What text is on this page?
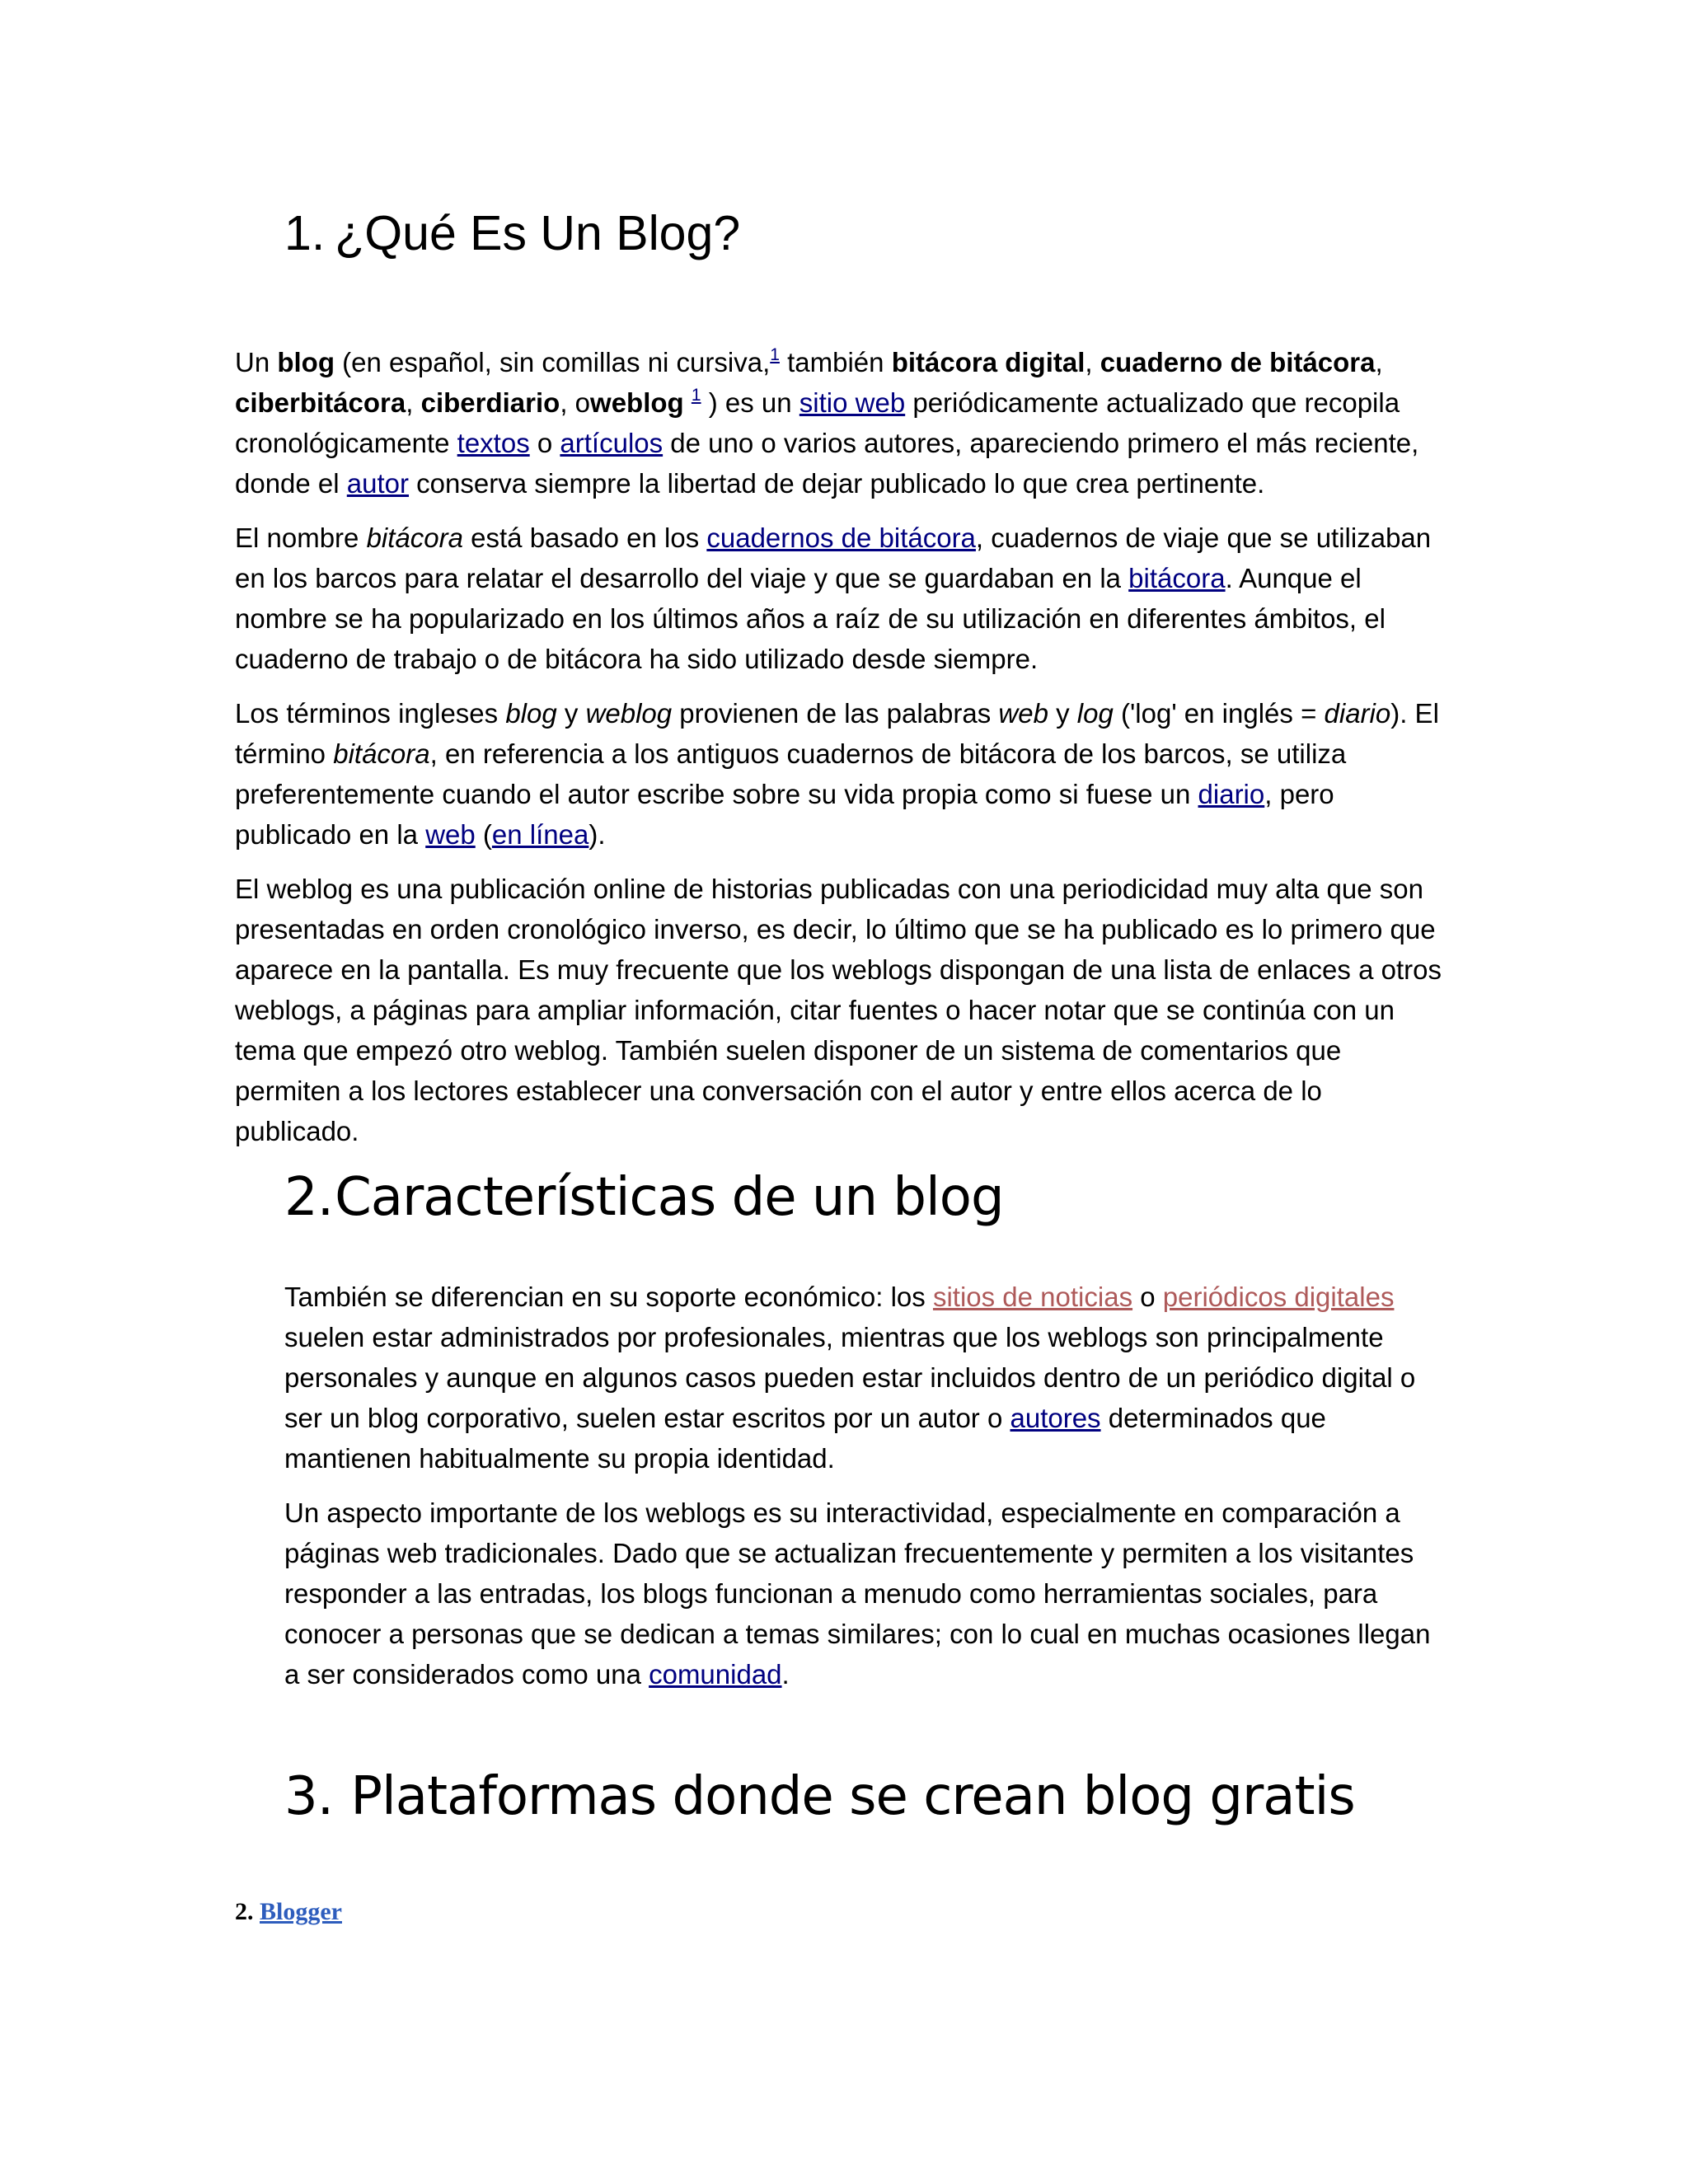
1. ¿Qué Es Un Blog?

Un blog (en español, sin comillas ni cursiva,$^1$ también bitácora digital, cuaderno de bitácora, ciberbitácora, ciberdiario, oweblog $^1$ ) es un sitio web periódicamente actualizado que recopila cronológicamente textos o artículos de uno o varios autores, apareciendo primero el más reciente, donde el autor conserva siempre la libertad de dejar publicado lo que crea pertinente.

El nombre bitácora está basado en los cuadernos de bitácora, cuadernos de viaje que se utilizaban en los barcos para relatar el desarrollo del viaje y que se guardaban en la bitácora. Aunque el nombre se ha popularizado en los últimos años a raíz de su utilización en diferentes ámbitos, el cuaderno de trabajo o de bitácora ha sido utilizado desde siempre.

Los términos ingleses blog y weblog provienen de las palabras web y log ('log' en inglés = diario). El término bitácora, en referencia a los antiguos cuadernos de bitácora de los barcos, se utiliza preferentemente cuando el autor escribe sobre su vida propia como si fuese un diario, pero publicado en la web (en línea).

El weblog es una publicación online de historias publicadas con una periodicidad muy alta que son presentadas en orden cronológico inverso, es decir, lo último que se ha publicado es lo primero que aparece en la pantalla. Es muy frecuente que los weblogs dispongan de una lista de enlaces a otros weblogs, a páginas para ampliar información, citar fuentes o hacer notar que se continúa con un tema que empezó otro weblog. También suelen disponer de un sistema de comentarios que permiten a los lectores establecer una conversación con el autor y entre ellos acerca de lo publicado.

2.Características de un blog

También se diferencian en su soporte económico: los sitios de noticias o periódicos digitales suelen estar administrados por profesionales, mientras que los weblogs son principalmente personales y aunque en algunos casos pueden estar incluidos dentro de un periódico digital o ser un blog corporativo, suelen estar escritos por un autor o autores determinados que mantienen habitualmente su propia identidad.

Un aspecto importante de los weblogs es su interactividad, especialmente en comparación a páginas web tradicionales. Dado que se actualizan frecuentemente y permiten a los visitantes responder a las entradas, los blogs funcionan a menudo como herramientas sociales, para conocer a personas que se dedican a temas similares; con lo cual en muchas ocasiones llegan a ser considerados como una comunidad.

3. Plataformas donde se crean blog gratis
2. Blogger
